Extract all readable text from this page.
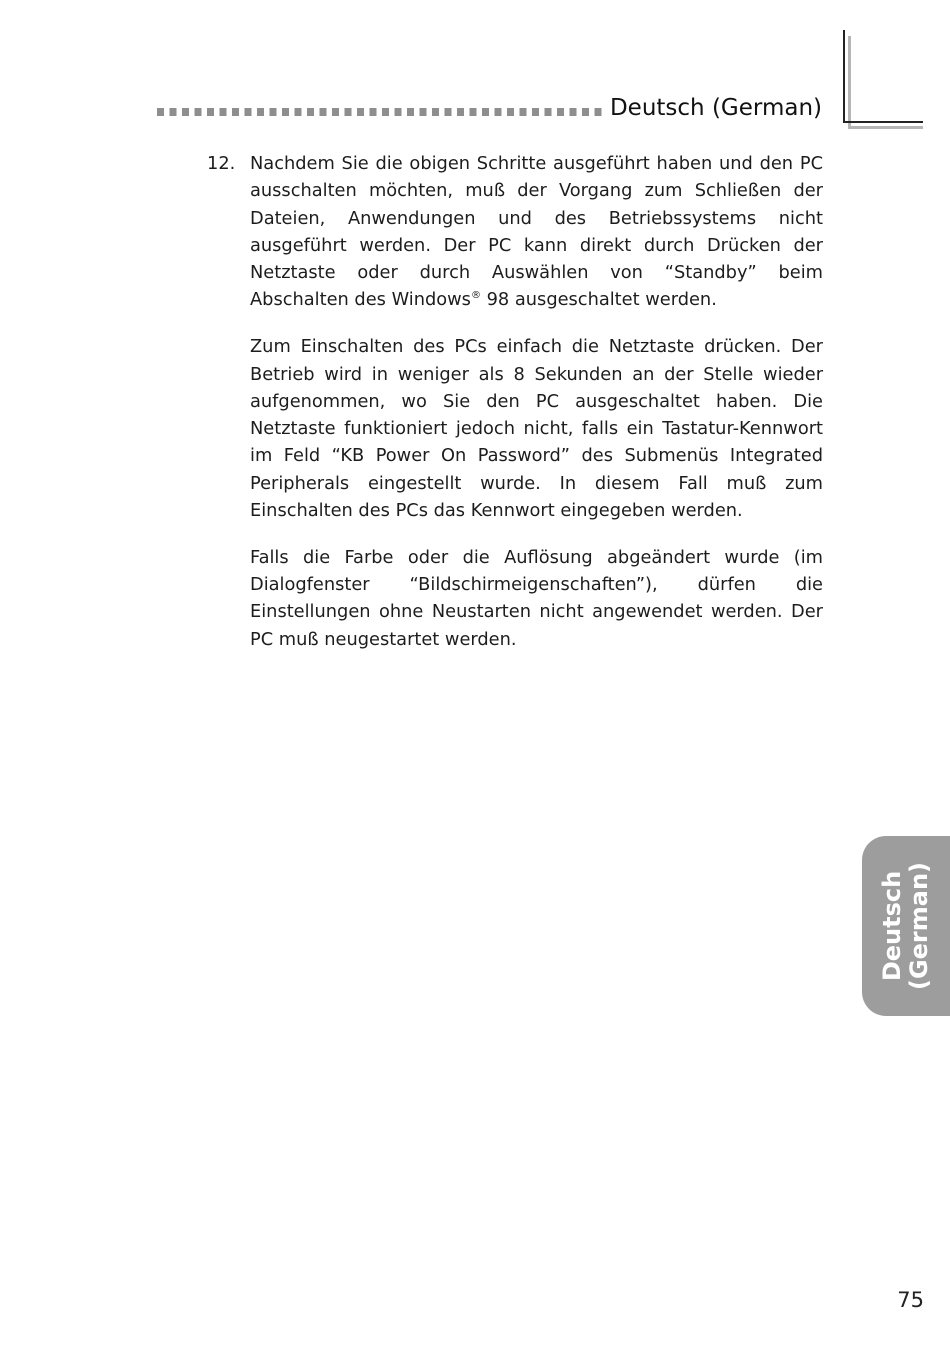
Deutsch (German)
12. Nachdem Sie die obigen Schritte ausgeführt haben und den PC ausschalten möchten, muß der Vorgang zum Schließen der Dateien, Anwendungen und des Betriebssystems nicht ausgeführt werden. Der PC kann direkt durch Drücken der Netztaste oder durch Auswählen von “Standby” beim Abschalten des Windows® 98 ausgeschaltet werden.

Zum Einschalten des PCs einfach die Netztaste drücken. Der Betrieb wird in weniger als 8 Sekunden an der Stelle wieder aufgenommen, wo Sie den PC ausgeschaltet haben. Die Netztaste funktioniert jedoch nicht, falls ein Tastatur-Kennwort im Feld “KB Power On Password” des Submenüs Integrated Peripherals eingestellt wurde. In diesem Fall muß zum Einschalten des PCs das Kennwort eingegeben werden.

Falls die Farbe oder die Auflösung abgeändert wurde (im Dialogfenster “Bildschirmeigenschaften”), dürfen die Einstellungen ohne Neustarten nicht angewendet werden. Der PC muß neugestartet werden.

Deutsch (German)
75
